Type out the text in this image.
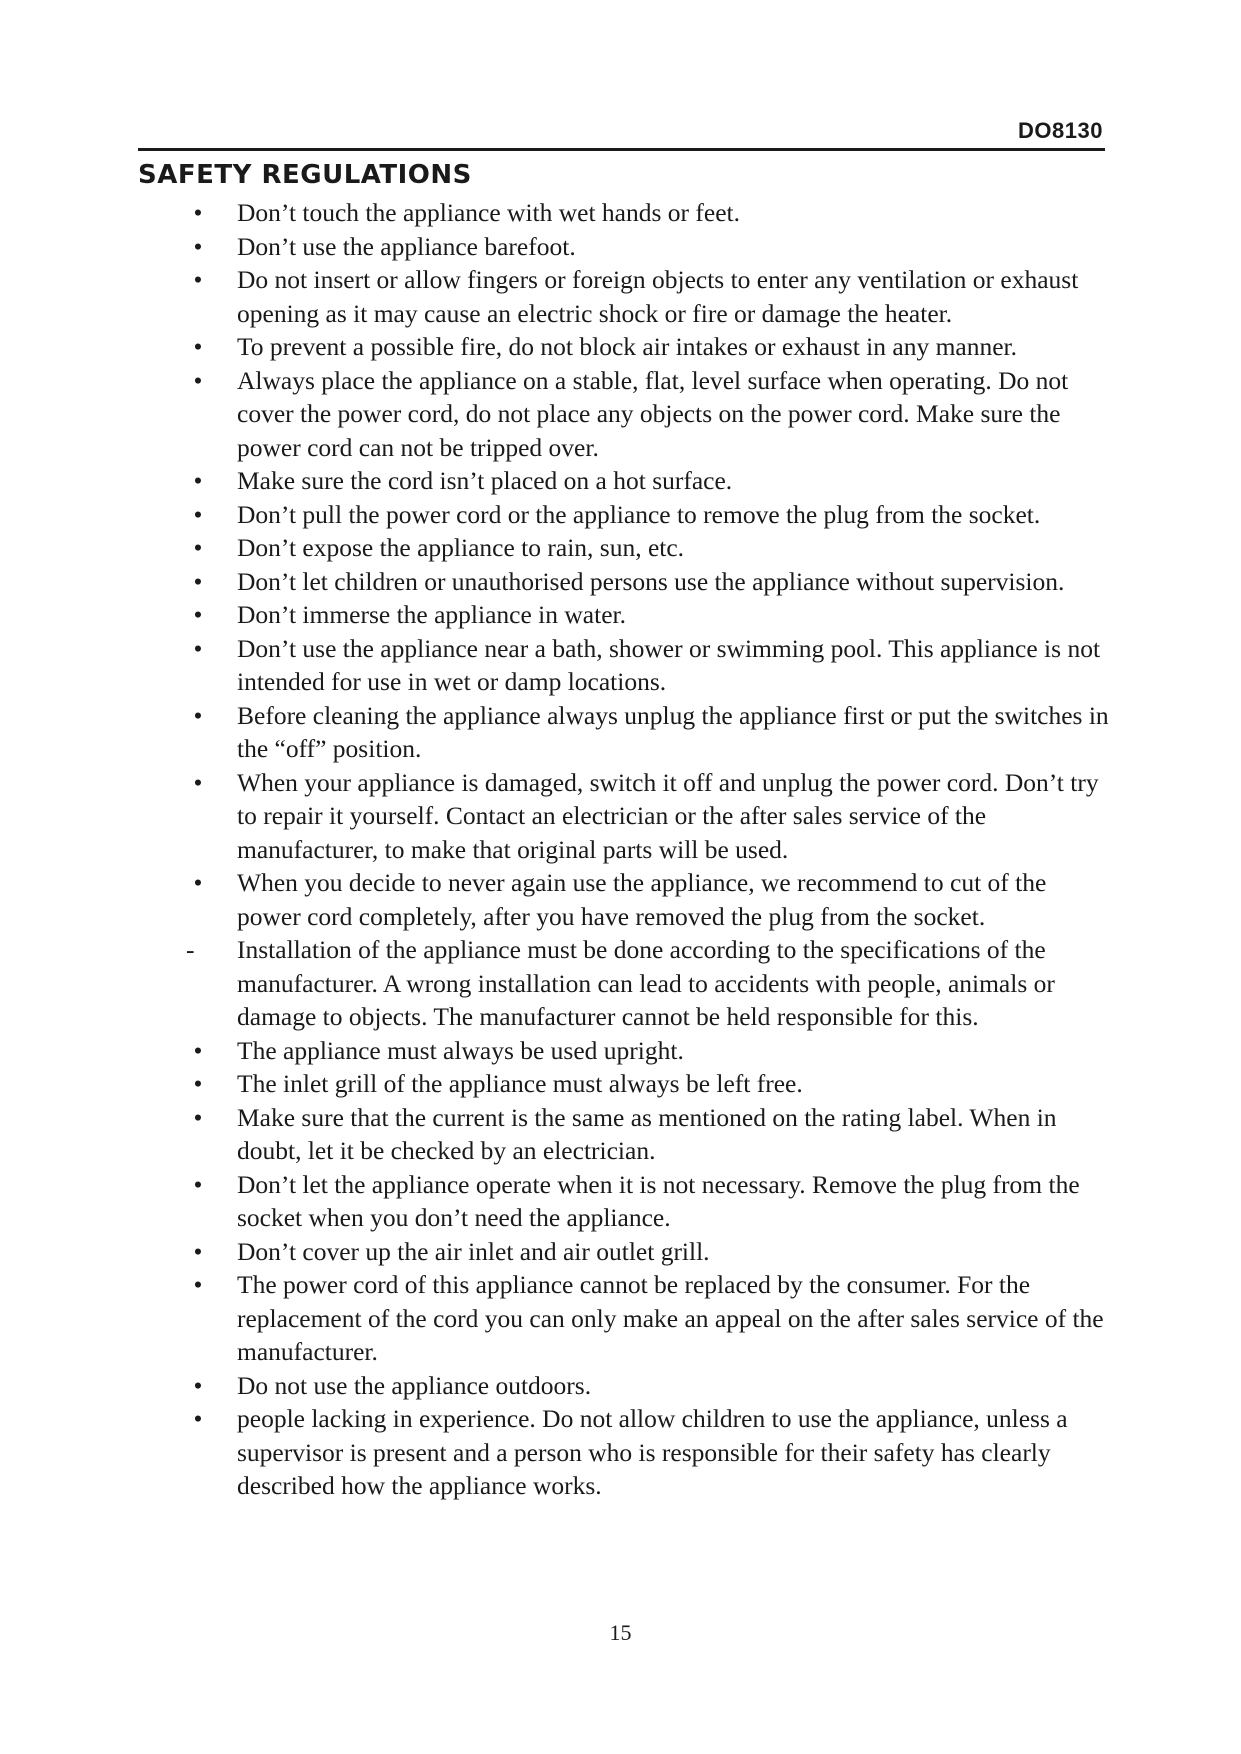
DO8130
SAFETY REGULATIONS
• Don’t touch the appliance with wet hands or feet.
• Don’t use the appliance barefoot.
• Do not insert or allow fingers or foreign objects to enter any ventilation or exhaust opening as it may cause an electric shock or fire or damage the heater.
• To prevent a possible fire, do not block air intakes or exhaust in any manner.
• Always place the appliance on a stable, flat, level surface when operating. Do not cover the power cord, do not place any objects on the power cord. Make sure the power cord can not be tripped over.
• Make sure the cord isn’t placed on a hot surface.
• Don’t pull the power cord or the appliance to remove the plug from the socket.
• Don’t expose the appliance to rain, sun, etc.
• Don’t let children or unauthorised persons use the appliance without supervision.
• Don’t immerse the appliance in water.
• Don’t use the appliance near a bath, shower or swimming pool. This appliance is not intended for use in wet or damp locations.
• Before cleaning the appliance always unplug the appliance first or put the switches in the “off” position.
• When your appliance is damaged, switch it off and unplug the power cord. Don’t try to repair it yourself. Contact an electrician or the after sales service of the manufacturer, to make that original parts will be used.
• When you decide to never again use the appliance, we recommend to cut of the power cord completely, after you have removed the plug from the socket.
-	Installation of the appliance must be done according to the specifications of the manufacturer. A wrong installation can lead to accidents with people, animals or damage to objects. The manufacturer cannot be held responsible for this.
• The appliance must always be used upright.
• The inlet grill of the appliance must always be left free.
• Make sure that the current is the same as mentioned on the rating label. When in doubt, let it be checked by an electrician.
• Don’t let the appliance operate when it is not necessary. Remove the plug from the socket when you don’t need the appliance.
• Don’t cover up the air inlet and air outlet grill.
• The power cord of this appliance cannot be replaced by the consumer. For the replacement of the cord you can only make an appeal on the after sales service of the manufacturer.
• Do not use the appliance outdoors.
• people lacking in experience. Do not allow children to use the appliance, unless a supervisor is present and a person who is responsible for their safety has clearly described how the appliance works.
15
